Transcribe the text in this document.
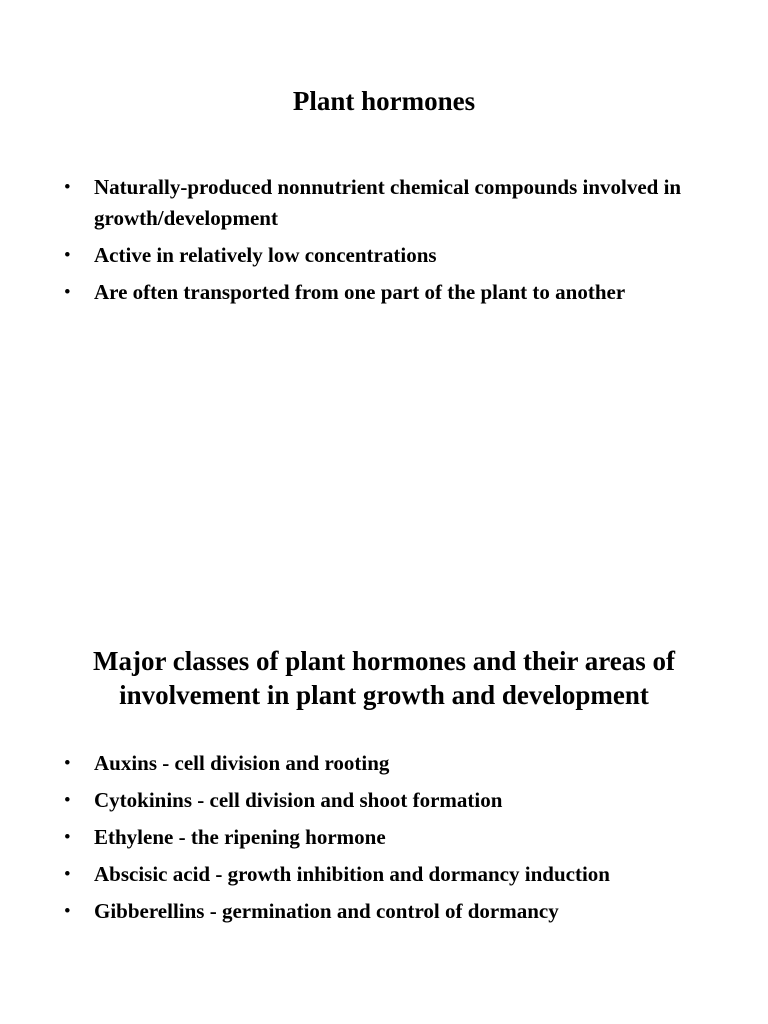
Plant hormones
• Naturally-produced nonnutrient chemical compounds involved in growth/development
• Active in relatively low concentrations
• Are often transported from one part of the plant to another
Major classes of plant hormones and their areas of involvement in plant growth and development
• Auxins - cell division and rooting
• Cytokinins - cell division and shoot formation
• Ethylene - the ripening hormone
• Abscisic acid - growth inhibition and dormancy induction
• Gibberellins - germination and control of dormancy
